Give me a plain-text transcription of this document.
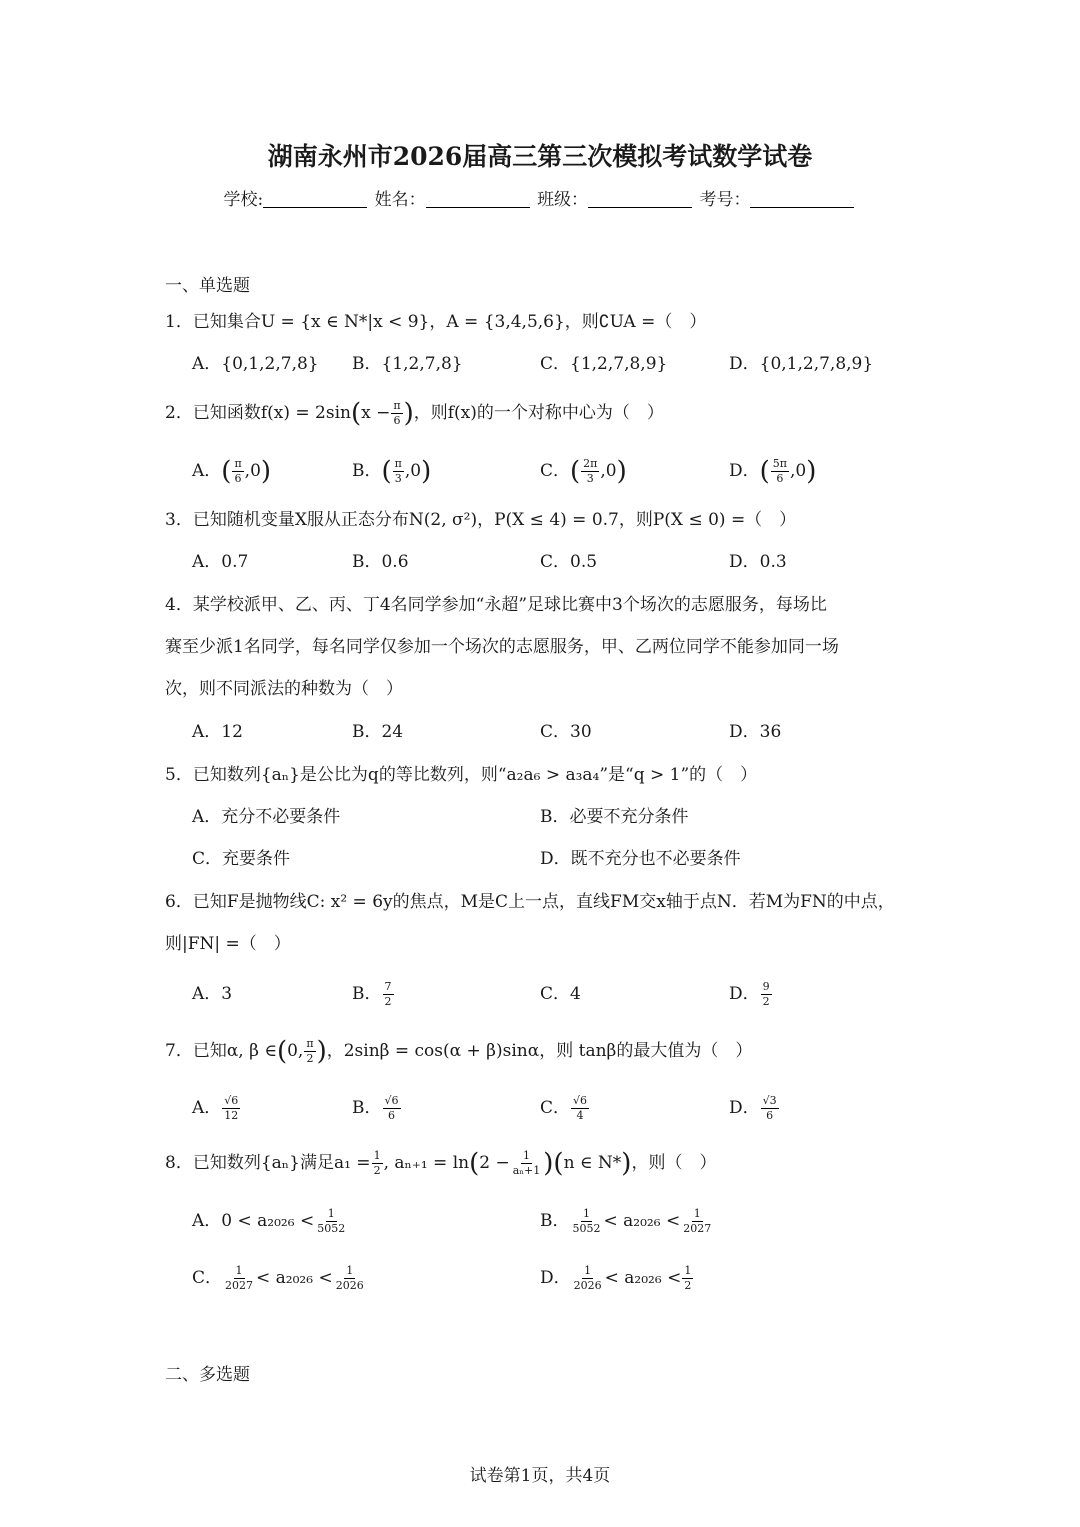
湖南永州市2026届高三第三次模拟考试数学试卷
学校:	姓名：	班级：	考号：
一、单选题
1．已知集合U = {x ∈ N*|x < 9}，A = {3,4,5,6}，则∁UA =（　）
A．{0,1,2,7,8} B．{1,2,7,8}	C．{1,2,7,8,9}	D．{0,1,2,7,8,9}
2．已知函数$f(x) = 2\sin(x - \frac{\pi}{6}$ )，则f(x)的一个对称中心为（　）
A．( $\frac{\pi}{6} ,0$)	B．( $\frac{\pi}{3} ,0$)	C．( $\frac{2\pi}{3} ,0$)	D．( $\frac{5\pi}{6} ,0$)
3．已知随机变量X服从正态分布N(2, σ²)，P(X ≤ 4) = 0.7，则P(X ≤ 0) =（　）
A．0.7	B．0.6	C．0.5	D．0.3
4．某学校派甲、乙、丙、丁4名同学参加“永超”足球比赛中3个场次的志愿服务，每场比
赛至少派1名同学，每名同学仅参加一个场次的志愿服务，甲、乙两位同学不能参加同一场
次，则不同派法的种数为（　）
A．12	B．24	C．30	D．36
5．已知数列{aₙ}是公比为q的等比数列，则“a₂a₆ > a₃a₄”是“q > 1”的（　）
A．充分不必要条件	B．必要不充分条件
C．充要条件	D．既不充分也不必要条件
6．已知F是抛物线C: x² = 6y的焦点，M是C上一点，直线FM交x轴于点N．若M为FN的中点，
则|FN| =（　）
A．3	B． $\frac{7}{2}$	C．4	D． $\frac{9}{2}$
7．已知α, β ∈(0, $\frac{\pi}{2}$ )，2sinβ = cos(α + β)sinα，则 tanβ的最大值为（　）
A． $\frac{√6}{12}$	B． $\frac{√6}{6}$	C． $\frac{√6}{4}$	D． $\frac{√3}{6}$
8．已知数列{aₙ}满足$a_1 = \frac{1}{2}$ , $a_{n+1} = \ln(2 - \frac{1}{\text{aₙ+1}} )(n$ ∈ N*)，则（　）
A．$0 < a_{2026} < \frac{1}{5052}$	B． $\frac{1}{5052} < a_{2026} < \frac{1}{2027}$
C． $\frac{1}{2027} < a_{2026} < \frac{1}{2026}$	D． $\frac{1}{2026} < a_{2026} < \frac{1}{2}$
二、多选题
试卷第1页，共4页
